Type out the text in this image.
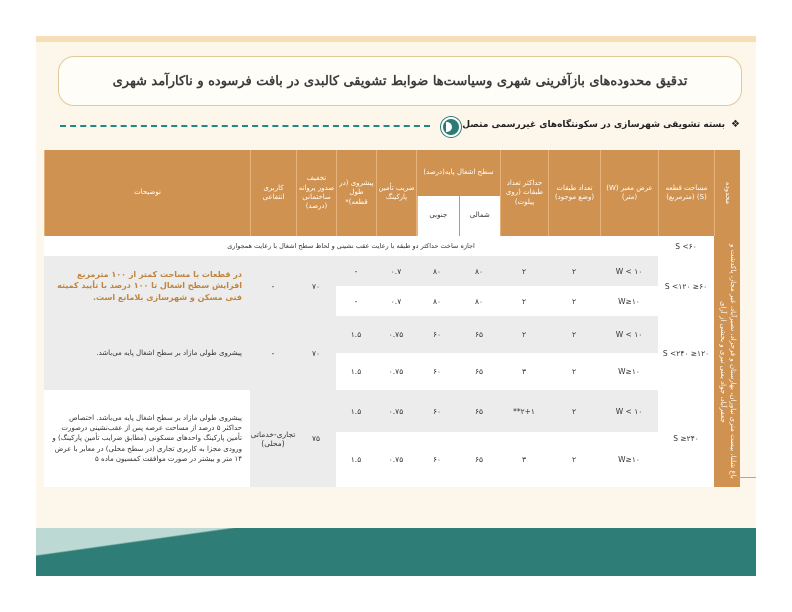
تدقیق محدوده‌های بازآفرینی شهری وسیاست‌ها ضوابط تشویقی کالبدی در بافت فرسوده و ناکارآمد شهری
❖
بسته تشویقی شهرسازی در سکونتگاه‌های غیررسمی متصل
محدوده
مساحت قطعه (S) (مترمربع)
عرض معبر (W) (متر)
تعداد طبقات (وضع موجود)
حداکثر تعداد طبقات (روی پیلوت)
سطح اشغال پایه(درصد)
شمالی
جنوبی
ضریب تأمین پارکینگ
پیشروی (در طول قطعه)*
تخفیف صدور پروانه ساختمانی (درصد)
کاربری انتفاعی
توضیحات
باغ شلنا، بیست متری نیاوران، بهارستان و فرحزاد، نصیرآباد، غیر مجاز، پاکدشت و جعفرآباد، جواد یعنی نیری و بخشی از آرای
S <۶۰
اجازه ساخت حداکثر دو طبقه با رعایت عقب نشینی و لحاظ سطح اشغال با رعایت همجواری
۶۰≤ S <۱۲۰
W < ۱۰
۲
۲
۸۰
۸۰
۰.۷
-
W≥۱۰
۲
۲
۸۰
۸۰
۰.۷
-
۷۰
-
در قطعات با مساحت کمتر از ۱۰۰ مترمربع افزایش سطح اشغال تا ۱۰۰ درصد با تأیید کمیته فنی مسکن و شهرسازی بلامانع است.
۱۲۰≤ S <۲۴۰
W < ۱۰
۲
۲
۶۵
۶۰
۰.۷۵
۱.۵
W≥۱۰
۲
۳
۶۵
۶۰
۰.۷۵
۱.۵
۷۰
-
پیشروی طولی مازاد بر سطح اشغال پایه می‌باشد.
S ≥۲۴۰
W < ۱۰
۲
۲+۱**
۶۵
۶۰
۰.۷۵
۱.۵
W≥۱۰
۲
۳
۶۵
۶۰
۰.۷۵
۱.۵
۷۵
تجاری-خدماتی (محلی)
پیشروی طولی مازاد بر سطح اشغال پایه می‌باشد. اختصاص حداکثر ۵ درصد از مساحت عرصه پس از عقب‌نشینی درصورت تأمین پارکینگ واحدهای مسکونی (مطابق ضرایب تأمین پارکینگ) و ورودی مجزا به کاربری تجاری (در سطح محلی) در معابر با عرض ۱۴ متر و بیشتر در صورت موافقت کمسیون ماده ۵
